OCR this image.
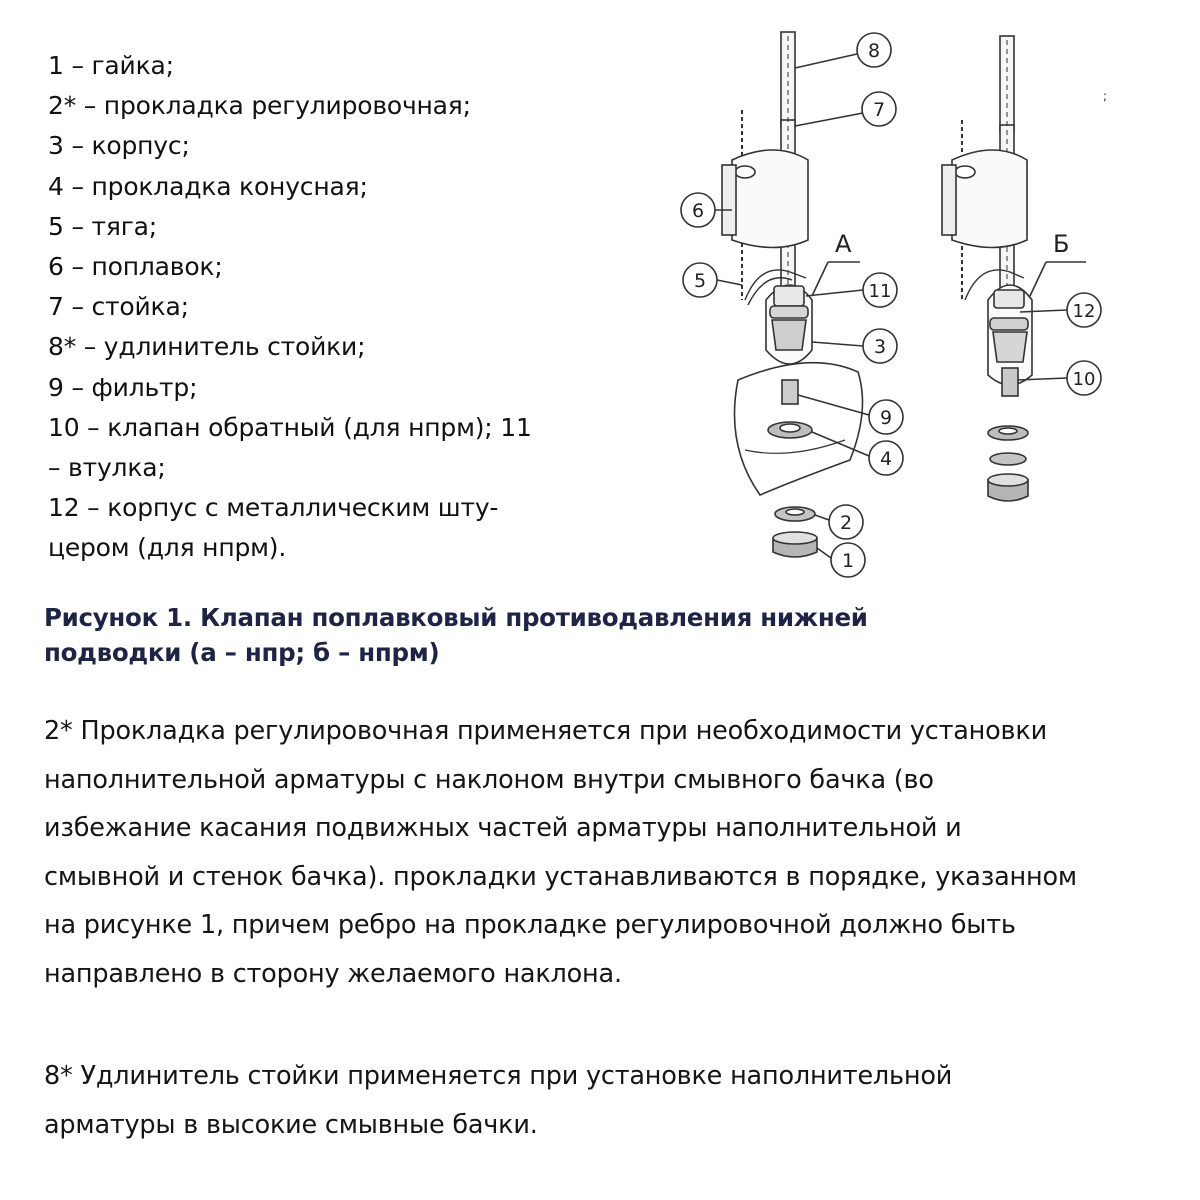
1 – гайка;
2* – прокладка регулировочная;
3 – корпус;
4 – прокладка конусная;
5 – тяга;
6 – поплавок;
7 – стойка;
8* – удлинитель стойки;
9 – фильтр;
10 – клапан обратный (для нпрм); 11
– втулка;
12 – корпус с металлическим шту-
цером (для нпрм).
;
А	Б
8
7
6
5	11
3
9
4
2
1
12
10
Рисунок 1. Клапан поплавковый противодавления нижней
подводки (а – нпр; б – нпрм)
2* Прокладка регулировочная применяется при необходимости установки
наполнительной арматуры с наклоном внутри смывного бачка (во
избежание касания подвижных частей арматуры наполнительной и
смывной и стенок бачка). прокладки устанавливаются в порядке, указанном
на рисунке 1, причем ребро на прокладке регулировочной должно быть
направлено в сторону желаемого наклона.
8* Удлинитель стойки применяется при установке наполнительной
арматуры в высокие смывные бачки.
